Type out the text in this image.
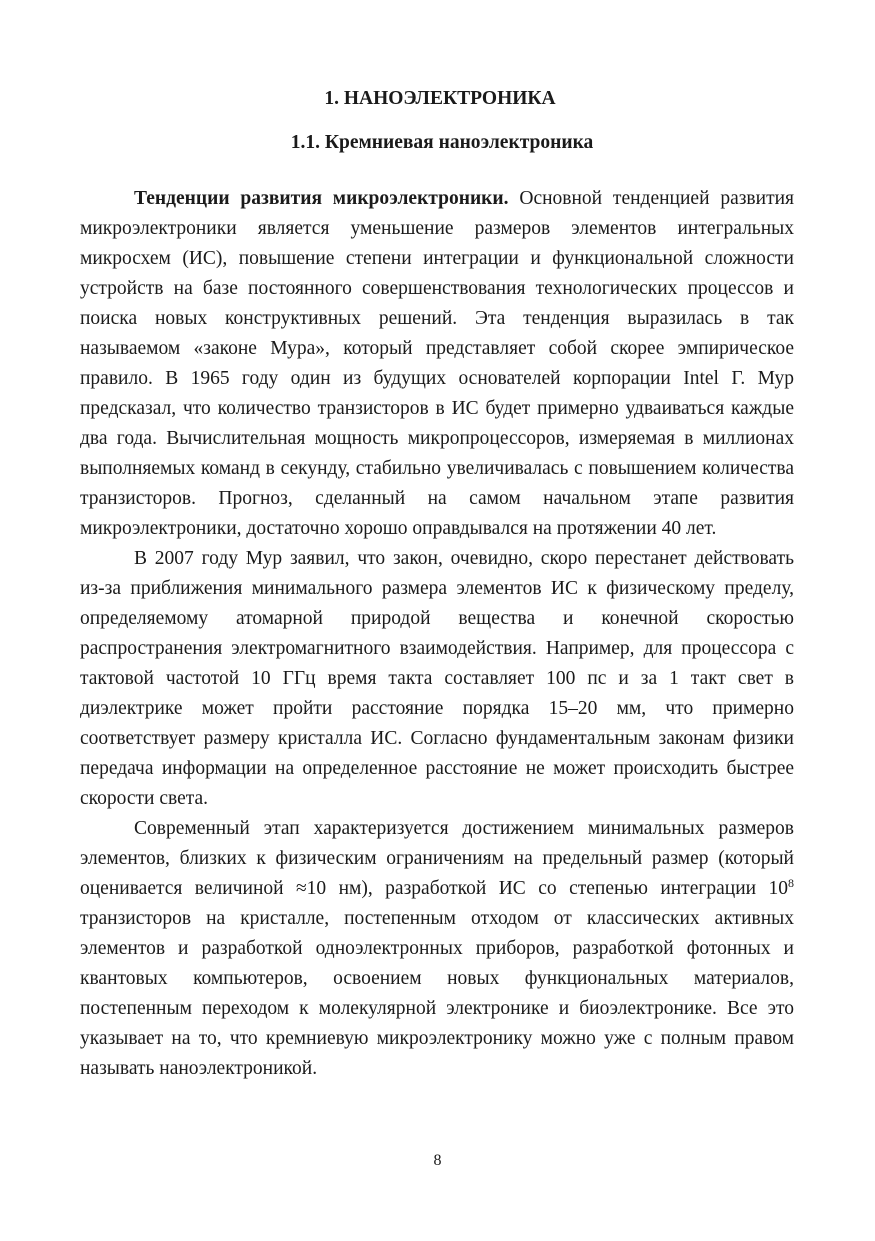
1. НАНОЭЛЕКТРОНИКА
1.1. Кремниевая наноэлектроника

Тенденции развития микроэлектроники. Основной тенденцией развития микроэлектроники является уменьшение размеров элементов интегральных микросхем (ИС), повышение степени интеграции и функциональной сложности устройств на базе постоянного совершенствования технологических процессов и поиска новых конструктивных решений. Эта тенденция выразилась в так называемом «законе Мура», который представляет собой скорее эмпирическое правило. В 1965 году один из будущих основателей корпорации Intel Г. Мур предсказал, что количество транзисторов в ИС будет примерно удваиваться каждые два года. Вычислительная мощность микропроцессоров, измеряемая в миллионах выполняемых команд в секунду, стабильно увеличивалась с повышением количества транзисторов. Прогноз, сделанный на самом начальном этапе развития микроэлектроники, достаточно хорошо оправдывался на протяжении 40 лет.

В 2007 году Мур заявил, что закон, очевидно, скоро перестанет действовать из-за приближения минимального размера элементов ИС к физическому пределу, определяемому атомарной природой вещества и конечной скоростью распространения электромагнитного взаимодействия. Например, для процессора с тактовой частотой 10 ГГц время такта составляет 100 пс и за 1 такт свет в диэлектрике может пройти расстояние порядка 15–20 мм, что примерно соответствует размеру кристалла ИС. Согласно фундаментальным законам физики передача информации на определенное расстояние не может происходить быстрее скорости света.

Современный этап характеризуется достижением минимальных размеров элементов, близких к физическим ограничениям на предельный размер (который оценивается величиной ≈10 нм), разработкой ИС со степенью интеграции $10^8$ транзисторов на кристалле, постепенным отходом от классических активных элементов и разработкой одноэлектронных приборов, разработкой фотонных и квантовых компьютеров, освоением новых функциональных материалов, постепенным переходом к молекулярной электронике и биоэлектронике. Все это указывает на то, что кремниевую микроэлектронику можно уже с полным правом называть наноэлектроникой.

8
